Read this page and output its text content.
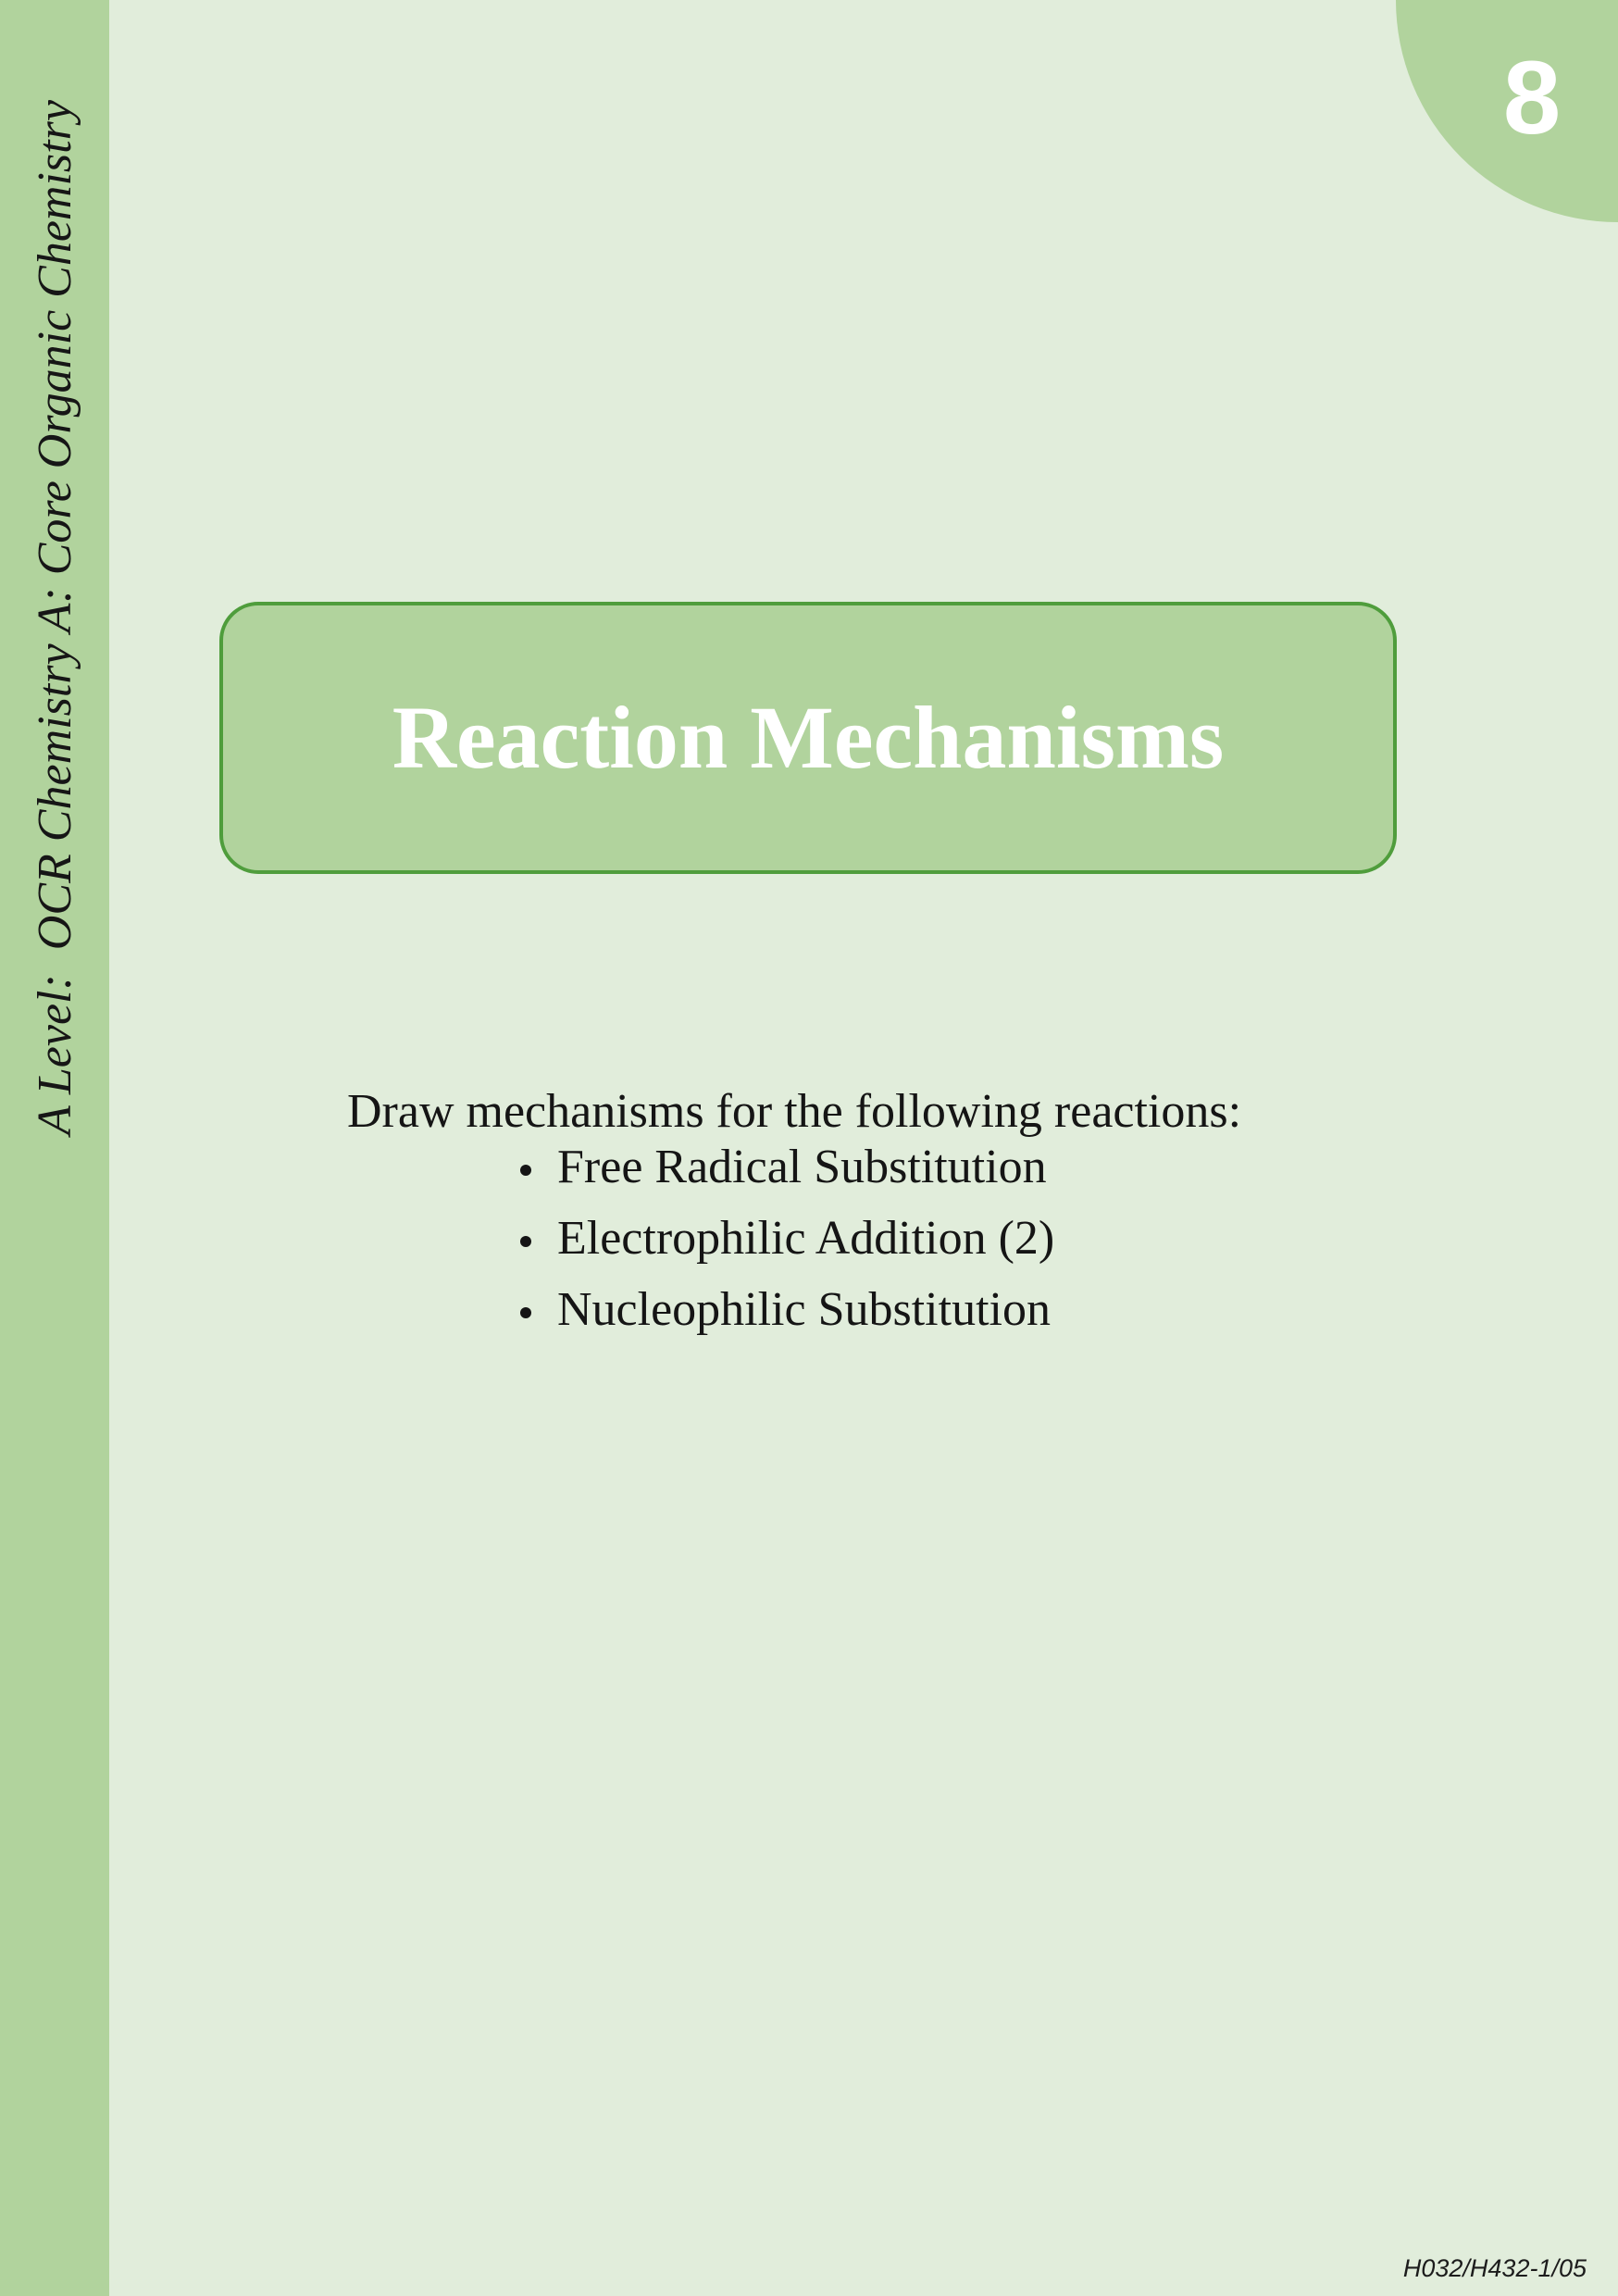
A Level:  OCR Chemistry A: Core Organic Chemistry
8
Reaction Mechanisms
Draw mechanisms for the following reactions:
Free Radical Substitution
Electrophilic Addition (2)
Nucleophilic Substitution
H032/H432-1/05
